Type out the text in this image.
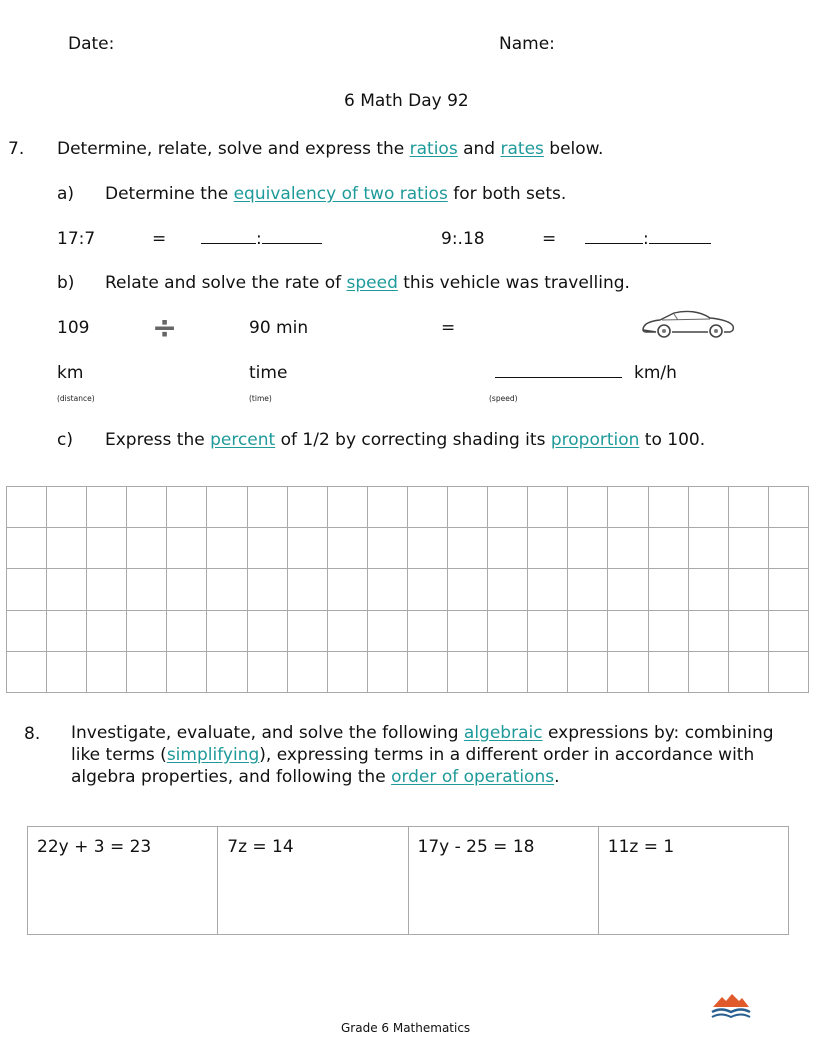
Date:	Name:
6 Math Day 92
7. Determine, relate, solve and express the ratios and rates below.
a) Determine the equivalency of two ratios for both sets.
17:7	=	:	9:.18	=	:
b) Relate and solve the rate of speed this vehicle was travelling.
109 ÷	90 min	=
km	time	km/h
(distance)	(time)	(speed)
c) Express the percent of 1/2 by correcting shading its proportion to 100.

8. Investigate, evaluate, and solve the following algebraic expressions by: combining like terms (simplifying), expressing terms in a different order in accordance with algebra properties, and following the order of operations.
22y + 3 = 23	7z = 14	17y - 25 = 18	11z = 1
Grade 6 Mathematics
